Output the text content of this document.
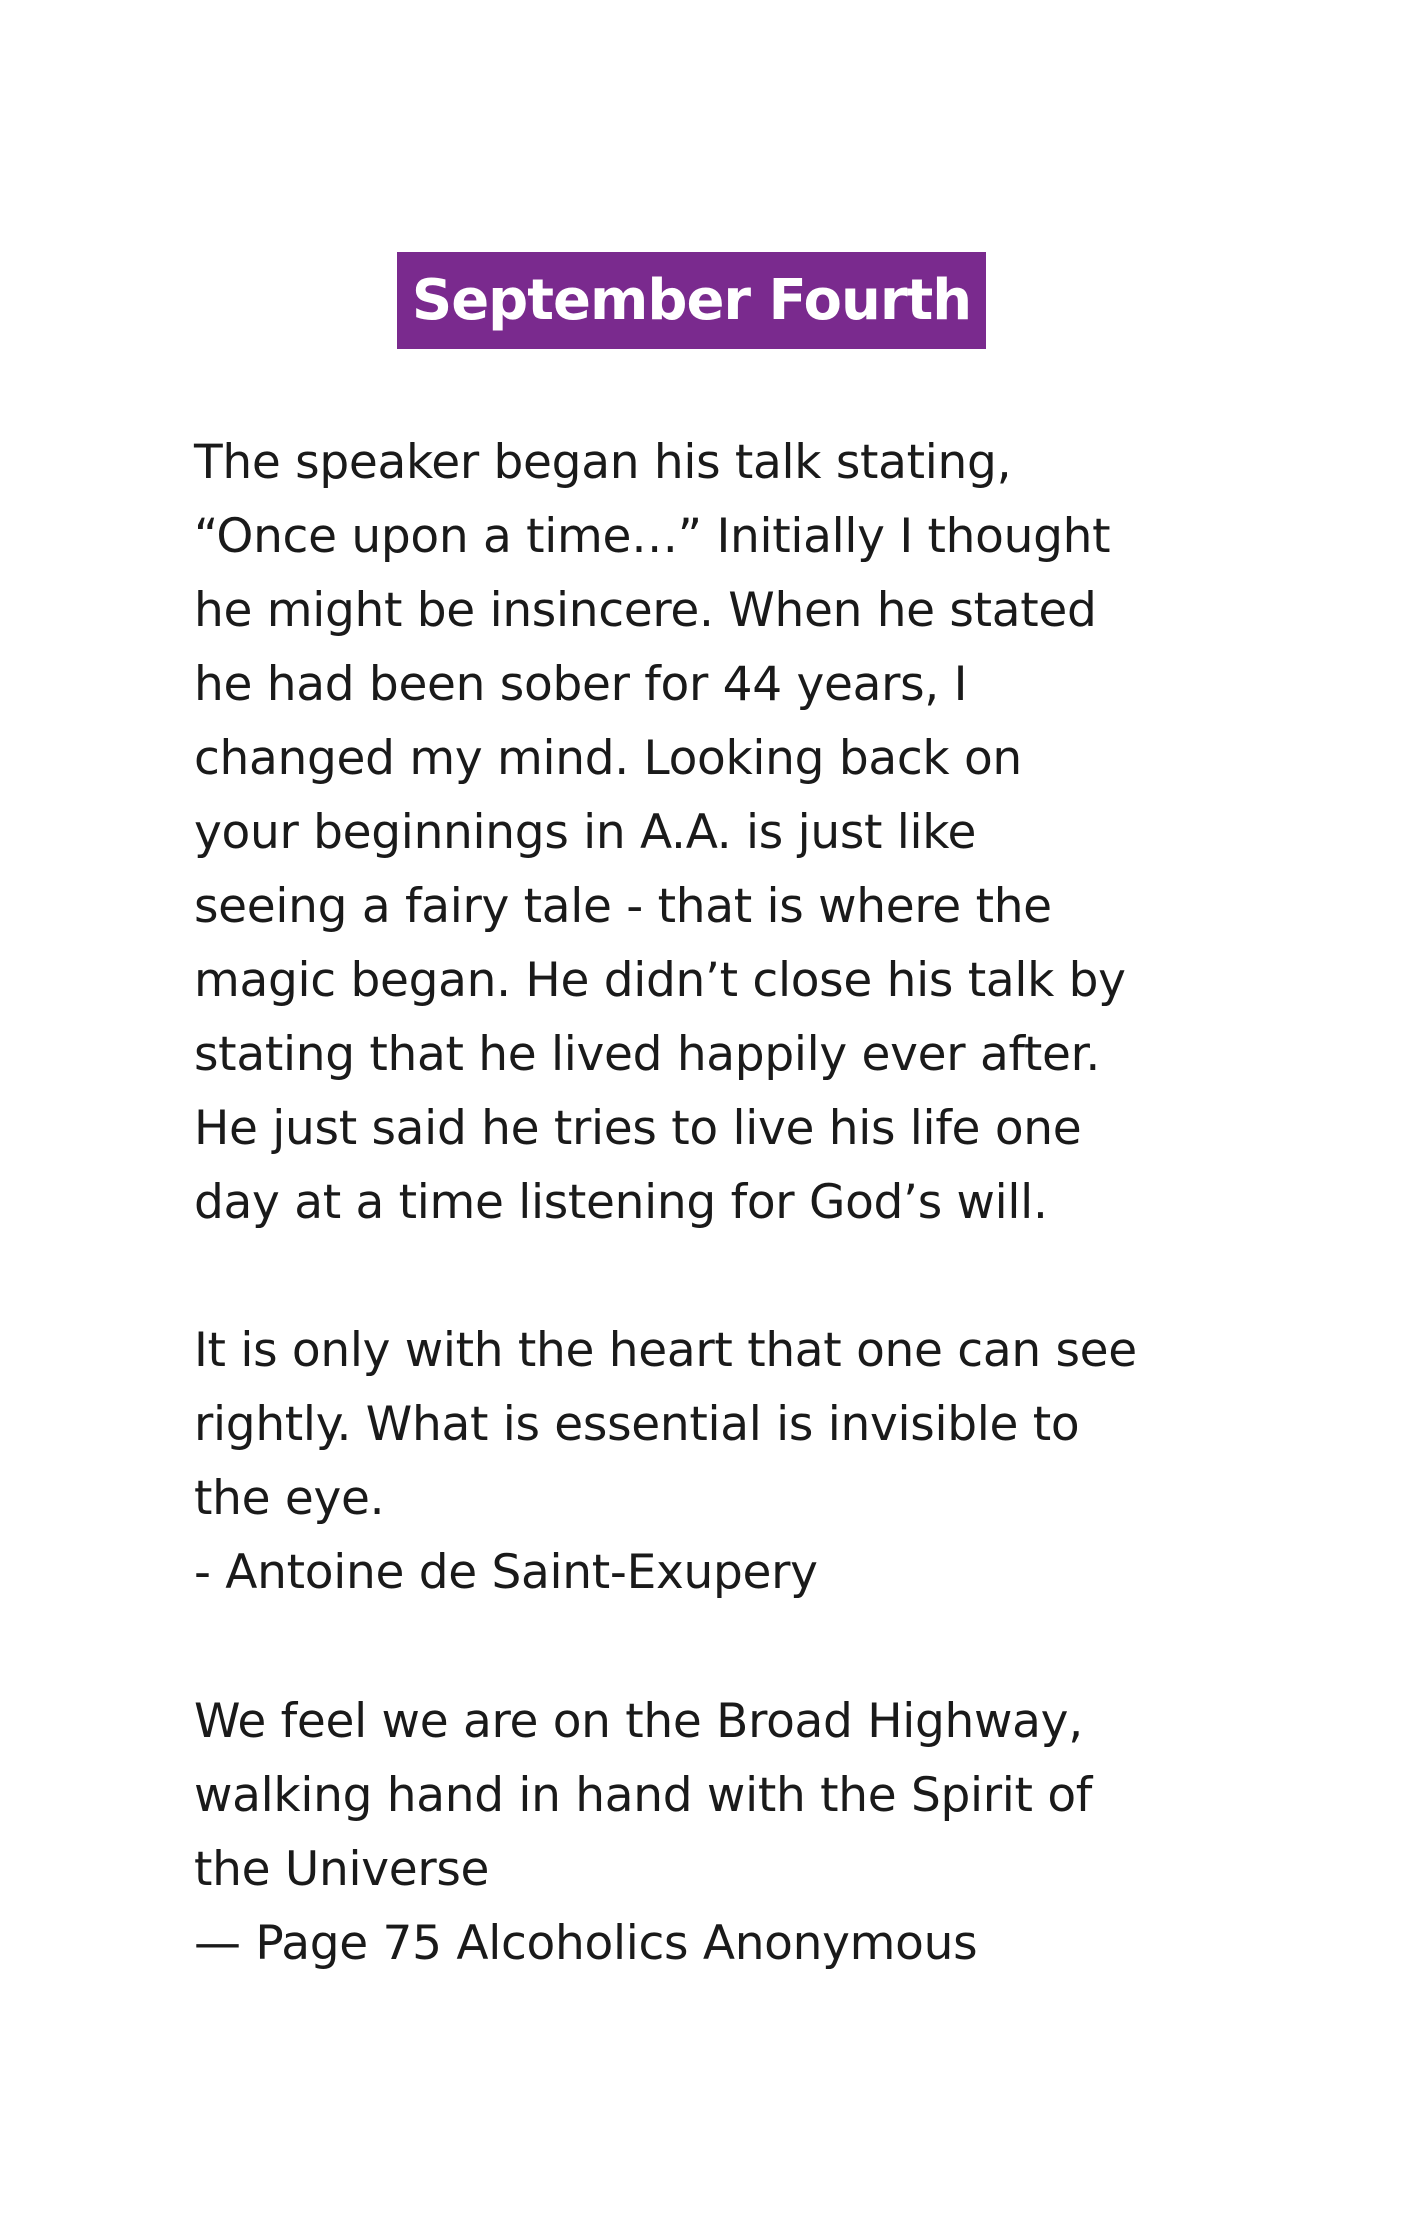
September Fourth
The speaker began his talk stating,
“Once upon a time…” Initially I thought
he might be insincere. When he stated
he had been sober for 44 years, I
changed my mind. Looking back on
your beginnings in A.A. is just like
seeing a fairy tale - that is where the
magic began. He didn’t close his talk by
stating that he lived happily ever after.
He just said he tries to live his life one
day at a time listening for God’s will.
It is only with the heart that one can see
rightly. What is essential is invisible to
the eye.
- Antoine de Saint-Exupery
We feel we are on the Broad Highway,
walking hand in hand with the Spirit of
the Universe
— Page 75 Alcoholics Anonymous
